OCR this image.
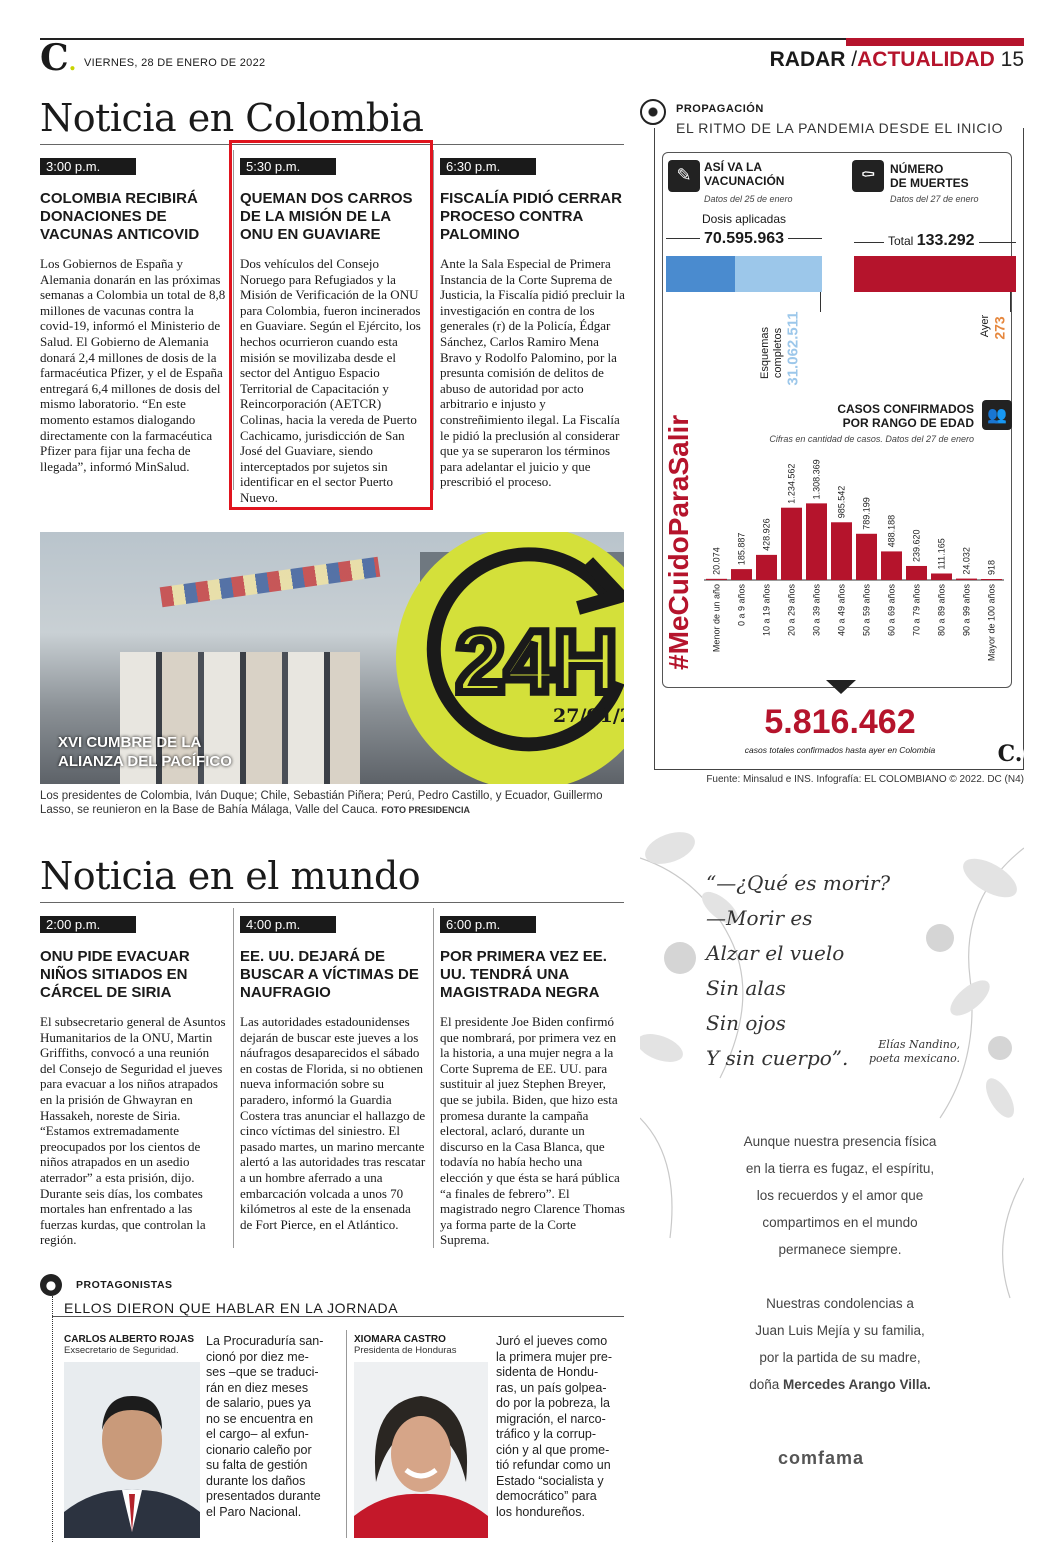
C. VIERNES, 28 DE ENERO DE 2022	RADAR /ACTUALIDAD 15
Noticia en Colombia
3:00 p.m.
COLOMBIA RECIBIRÁ DONACIONES DE VACUNAS ANTICOVID
Los Gobiernos de España y Alemania donarán en las próximas semanas a Colombia un total de 8,8 millones de vacunas contra la covid-19, informó el Ministerio de Salud. El Gobierno de Alemania donará 2,4 millones de dosis de la farmacéutica Pfizer, y el de España entregará 6,4 millones de dosis del mismo laboratorio. “En este momento estamos dialogando directamente con la farmacéutica Pfizer para fijar una fecha de llegada”, informó MinSalud.
5:30 p.m.
QUEMAN DOS CARROS DE LA MISIÓN DE LA ONU EN GUAVIARE
Dos vehículos del Consejo Noruego para Refugiados y la Misión de Verificación de la ONU para Colombia, fueron incinerados en Guaviare. Según el Ejército, los hechos ocurrieron cuando esta misión se movilizaba desde el sector del Antiguo Espacio Territorial de Capacitación y Reincorporación (AETCR) Colinas, hacia la vereda de Puerto Cachicamo, jurisdicción de San José del Guaviare, siendo interceptados por sujetos sin identificar en el sector Puerto Nuevo.
6:30 p.m.
FISCALÍA PIDIÓ CERRAR PROCESO CONTRA PALOMINO
Ante la Sala Especial de Primera Instancia de la Corte Suprema de Justicia, la Fiscalía pidió precluir la investigación en contra de los generales (r) de la Policía, Édgar Sánchez, Carlos Ramiro Mena Bravo y Rodolfo Palomino, por la presunta comisión de delitos de abuso de autoridad por acto arbitrario e injusto y constreñimiento ilegal. La Fiscalía le pidió la preclusión al considerar que ya se superaron los términos para adelantar el juicio y que prescribió el proceso.
24H
27/01/22
XVI CUMBRE DE LA
ALIANZA DEL PACÍFICO
Los presidentes de Colombia, Iván Duque; Chile, Sebastián Piñera; Perú, Pedro Castillo, y Ecuador, Guillermo Lasso, se reunieron en la Base de Bahía Málaga, Valle del Cauca. FOTO PRESIDENCIA
PROPAGACIÓN
EL RITMO DE LA PANDEMIA DESDE EL INICIO
✎	ASÍ VA LA
VACUNACIÓN
Datos del 25 de enero
Dosis aplicadas
70.595.963
Esquemas completos 31.062.511
⚰	NÚMERO
DE MUERTES
Datos del 27 de enero
Total 133.292
Ayer 273
#MeCuidoParaSalir
CASOS CONFIRMADOS
POR RANGO DE EDAD 👥
Cifras en cantidad de casos. Datos del 27 de enero
20.074
Menor de un año
185.887
0 a 9 años
428.926
10 a 19 años
1.234.562
20 a 29 años
1.308.369
30 a 39 años
985.542
40 a 49 años
789.199
50 a 59 años
488.188
60 a 69 años
239.620
70 a 79 años
111.165
80 a 89 años
24.032
90 a 99 años
918
Mayor de 100 años
5.816.462
casos totales confirmados hasta ayer en Colombia	C.
Fuente: Minsalud e INS. Infografía: EL COLOMBIANO © 2022. DC (N4)
Noticia en el mundo
2:00 p.m.
ONU PIDE EVACUAR NIÑOS SITIADOS EN CÁRCEL DE SIRIA
El subsecretario general de Asuntos Humanitarios de la ONU, Martin Griffiths, convocó a una reunión del Consejo de Seguridad el jueves para evacuar a los niños atrapados en la prisión de Ghwayran en Hassakeh, noreste de Siria. “Estamos extremadamente preocupados por los cientos de niños atrapados en un asedio aterrador” a esta prisión, dijo. Durante seis días, los combates mortales han enfrentado a las fuerzas kurdas, que controlan la región.
4:00 p.m.
EE. UU. DEJARÁ DE BUSCAR A VÍCTIMAS DE NAUFRAGIO
Las autoridades estadounidenses dejarán de buscar este jueves a los náufragos desaparecidos el sábado en costas de Florida, si no obtienen nueva información sobre su paradero, informó la Guardia Costera tras anunciar el hallazgo de cinco víctimas del siniestro. El pasado martes, un marino mercante alertó a las autoridades tras rescatar a un hombre aferrado a una embarcación volcada a unos 70 kilómetros al este de la ensenada de Fort Pierce, en el Atlántico.
6:00 p.m.
POR PRIMERA VEZ EE. UU. TENDRÁ UNA MAGISTRADA NEGRA
El presidente Joe Biden confirmó que nombrará, por primera vez en la historia, a una mujer negra a la Corte Suprema de EE. UU. para sustituir al juez Stephen Breyer, que se jubila. Biden, que hizo esta promesa durante la campaña electoral, aclaró, durante un discurso en la Casa Blanca, que todavía no había hecho una elección y que ésta se hará pública “a finales de febrero”. El magistrado negro Clarence Thomas ya forma parte de la Corte Suprema.
●	PROTAGONISTAS
ELLOS DIERON QUE HABLAR EN LA JORNADA
CARLOS ALBERTO ROJAS
Exsecretario de Seguridad.
La Procuraduría san-
cionó por diez me-
ses –que se traduci-
rán en diez meses
de salario, pues ya
no se encuentra en
el cargo– al exfun-
cionario caleño por
su falta de gestión
durante los daños
presentados durante
el Paro Nacional.
XIOMARA CASTRO
Presidenta de Honduras
Juró el jueves como
la primera mujer pre-
sidenta de Hondu-
ras, un país golpea-
do por la pobreza, la
migración, el narco-
tráfico y la corrup-
ción y al que prome-
tió refundar como un
Estado “socialista y
democrático” para
los hondureños.
“—¿Qué es morir?
—Morir es
Alzar el vuelo
Sin alas
Sin ojos
Y sin cuerpo”.
Elías Nandino,
poeta mexicano.
Aunque nuestra presencia física
en la tierra es fugaz, el espíritu,
los recuerdos y el amor que
compartimos en el mundo
permanece siempre.
Nuestras condolencias a
Juan Luis Mejía y su familia,
por la partida de su madre,
doña Mercedes Arango Villa.
comfama
